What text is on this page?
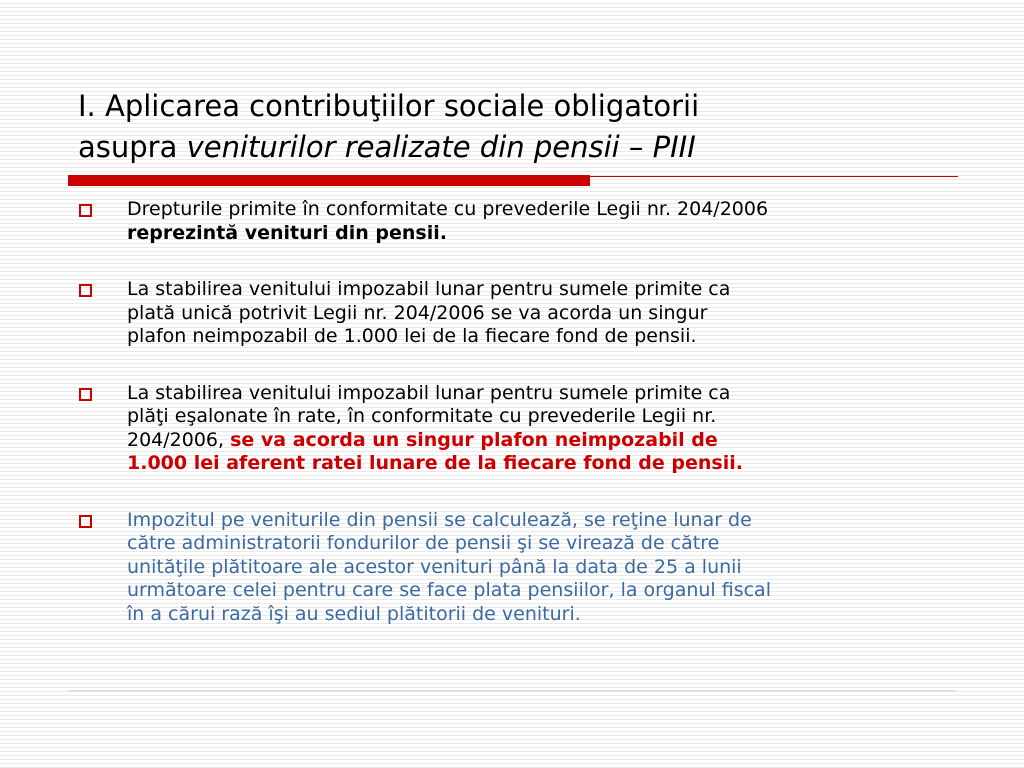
I. Aplicarea contribuţiilor sociale obligatorii
asupra veniturilor realizate din pensii – PIII
Drepturile primite în conformitate cu prevederile Legii nr. 204/2006
reprezintă venituri din pensii.
La stabilirea venitului impozabil lunar pentru sumele primite ca
plată unică potrivit Legii nr. 204/2006 se va acorda un singur
plafon neimpozabil de 1.000 lei de la fiecare fond de pensii.
La stabilirea venitului impozabil lunar pentru sumele primite ca
plăţi eşalonate în rate, în conformitate cu prevederile Legii nr.
204/2006, se va acorda un singur plafon neimpozabil de
1.000 lei aferent ratei lunare de la fiecare fond de pensii.
Impozitul pe veniturile din pensii se calculează, se reţine lunar de
către administratorii fondurilor de pensii şi se virează de către
unităţile plătitoare ale acestor venituri până la data de 25 a lunii
următoare celei pentru care se face plata pensiilor, la organul fiscal
în a cărui rază îşi au sediul plătitorii de venituri.
